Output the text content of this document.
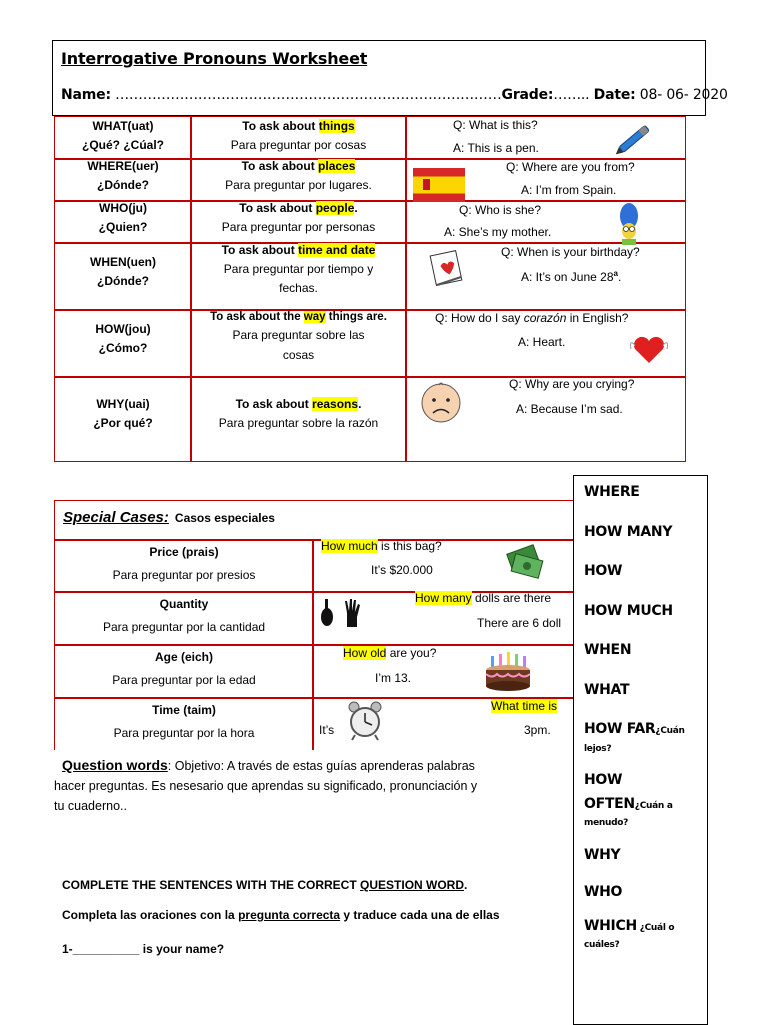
Interrogative Pronouns Worksheet
Name: …………………………………………………………………………Grade:…….. Date: 08- 06- 2020
WHAT(uat)
¿Qué? ¿Cúal?
To ask about things
Para preguntar por cosas
Q: What is this?
A: This is a pen.
WHERE(uer)
¿Dónde?
To ask about places
Para preguntar por lugares.
Q: Where are you from?
A: I’m from Spain.
WHO(ju)
¿Quien?
To ask about people.
Para preguntar por personas
Q: Who is she?
A: She’s my mother.
WHEN(uen)
¿Dónde?
To ask about time and date
Para preguntar por tiempo y
fechas.
Q: When is your birthday?
A: It’s on June 28$^a$.
HOW(jou)
¿Cómo?
To ask about the way things are.
Para preguntar sobre las
cosas
Q: How do I say corazón in English?
A: Heart.
WHY(uai)
¿Por qué?
To ask about reasons.
Para preguntar sobre la razón
Q: Why are you crying?
A: Because I’m sad.
Special Cases: Casos especiales
Price (prais)
Para preguntar por presios
How much is this bag?
It’s $20.000
Quantity
Para preguntar por la cantidad
How many dolls are there
There are 6 doll
Age (eich)
Para preguntar por la edad
How old are you?
I’m 13.
Time (taim)
Para preguntar por la hora	It’s
What time is
3pm.
Question words: Objetivo: A través de estas guías aprenderas palabras
hacer preguntas. Es nesesario que aprendas su significado, pronunciación y
tu cuaderno..
COMPLETE THE SENTENCES WITH THE CORRECT QUESTION WORD.
Completa las oraciones con la pregunta correcta y traduce cada una de ellas
1-__________ is your name?
WHERE
HOW MANY
HOW
HOW MUCH
WHEN
WHAT
HOW FAR¿Cuán
lejos?
HOW
OFTEN¿Cuán a
menudo?
WHY
WHO
WHICH ¿Cuál o
cuáles?
